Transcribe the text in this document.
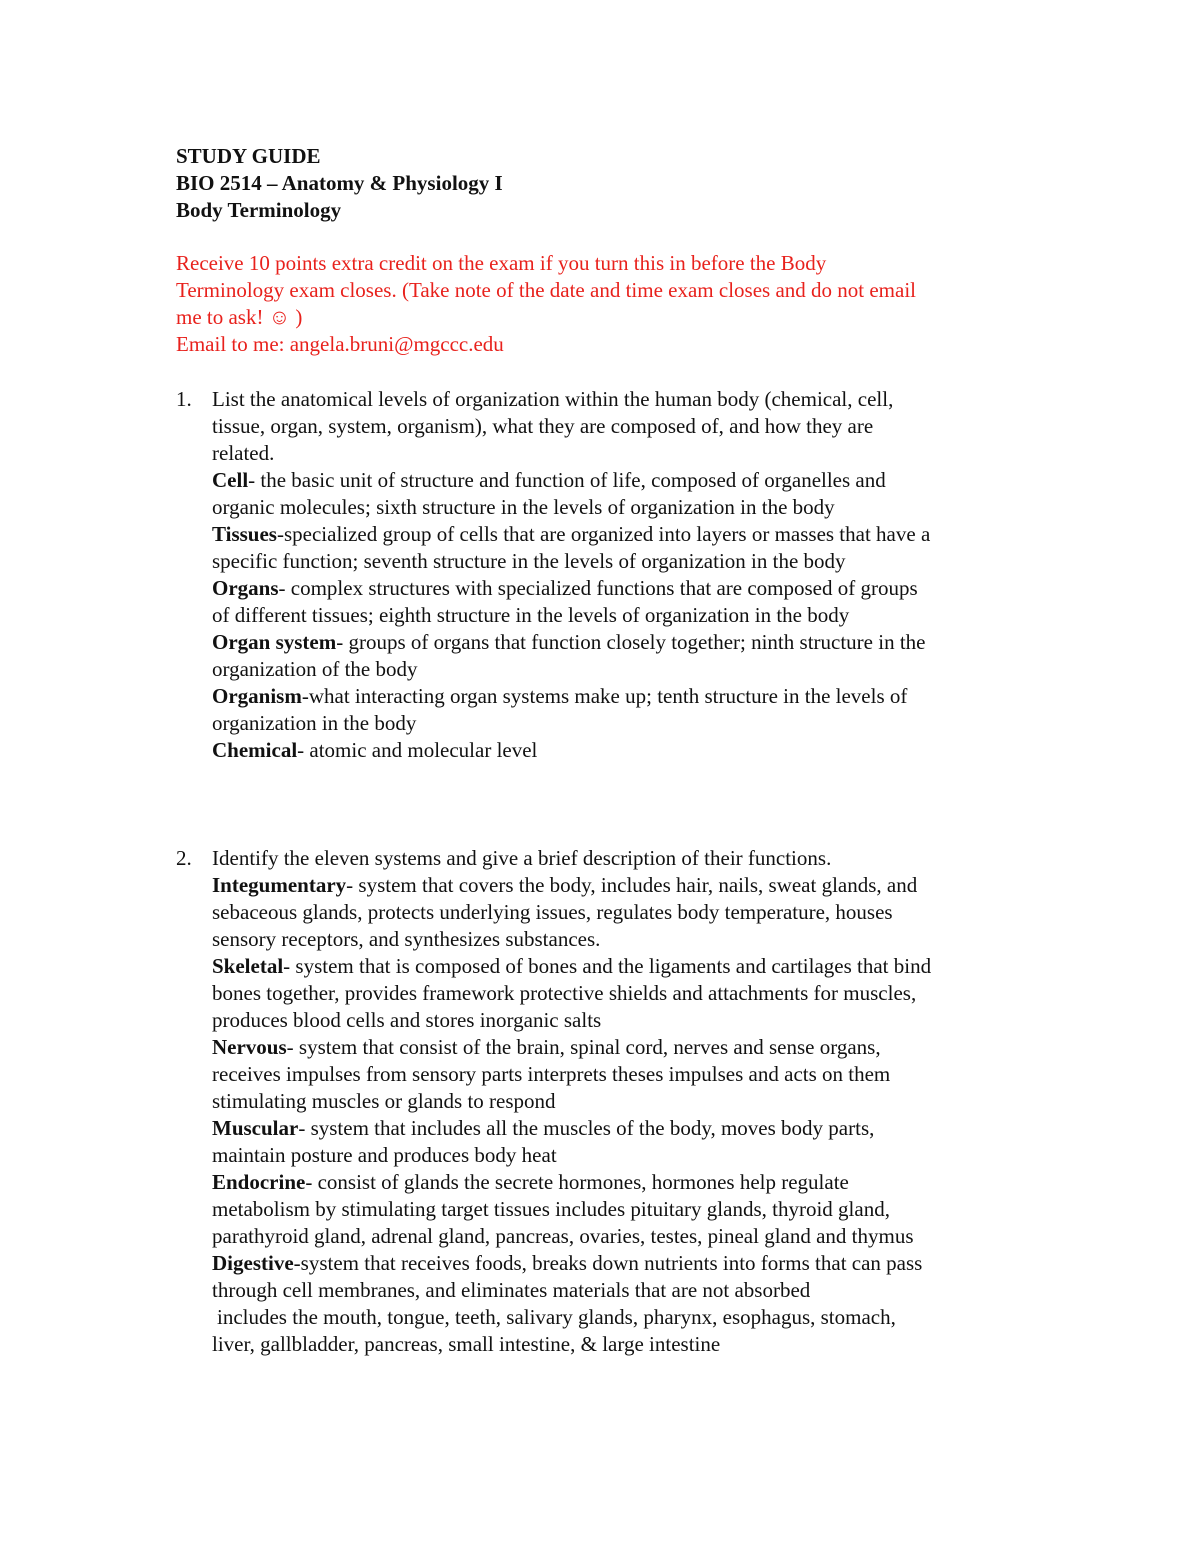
STUDY GUIDE
BIO 2514 – Anatomy & Physiology I
Body Terminology
Receive 10 points extra credit on the exam if you turn this in before the Body
Terminology exam closes. (Take note of the date and time exam closes and do not email
me to ask! ☺ )
Email to me: angela.bruni@mgccc.edu
1. List the anatomical levels of organization within the human body (chemical, cell,
tissue, organ, system, organism), what they are composed of, and how they are
related.
Cell- the basic unit of structure and function of life, composed of organelles and
organic molecules; sixth structure in the levels of organization in the body
Tissues-specialized group of cells that are organized into layers or masses that have a
specific function; seventh structure in the levels of organization in the body
Organs- complex structures with specialized functions that are composed of groups
of different tissues; eighth structure in the levels of organization in the body
Organ system- groups of organs that function closely together; ninth structure in the
organization of the body
Organism-what interacting organ systems make up; tenth structure in the levels of
organization in the body
Chemical- atomic and molecular level
2. Identify the eleven systems and give a brief description of their functions.
Integumentary- system that covers the body, includes hair, nails, sweat glands, and
sebaceous glands, protects underlying issues, regulates body temperature, houses
sensory receptors, and synthesizes substances.
Skeletal- system that is composed of bones and the ligaments and cartilages that bind
bones together, provides framework protective shields and attachments for muscles,
produces blood cells and stores inorganic salts
Nervous- system that consist of the brain, spinal cord, nerves and sense organs,
receives impulses from sensory parts interprets theses impulses and acts on them
stimulating muscles or glands to respond
Muscular- system that includes all the muscles of the body, moves body parts,
maintain posture and produces body heat
Endocrine- consist of glands the secrete hormones, hormones help regulate
metabolism by stimulating target tissues includes pituitary glands, thyroid gland,
parathyroid gland, adrenal gland, pancreas, ovaries, testes, pineal gland and thymus
Digestive-system that receives foods, breaks down nutrients into forms that can pass
through cell membranes, and eliminates materials that are not absorbed
includes the mouth, tongue, teeth, salivary glands, pharynx, esophagus, stomach,
liver, gallbladder, pancreas, small intestine, & large intestine
